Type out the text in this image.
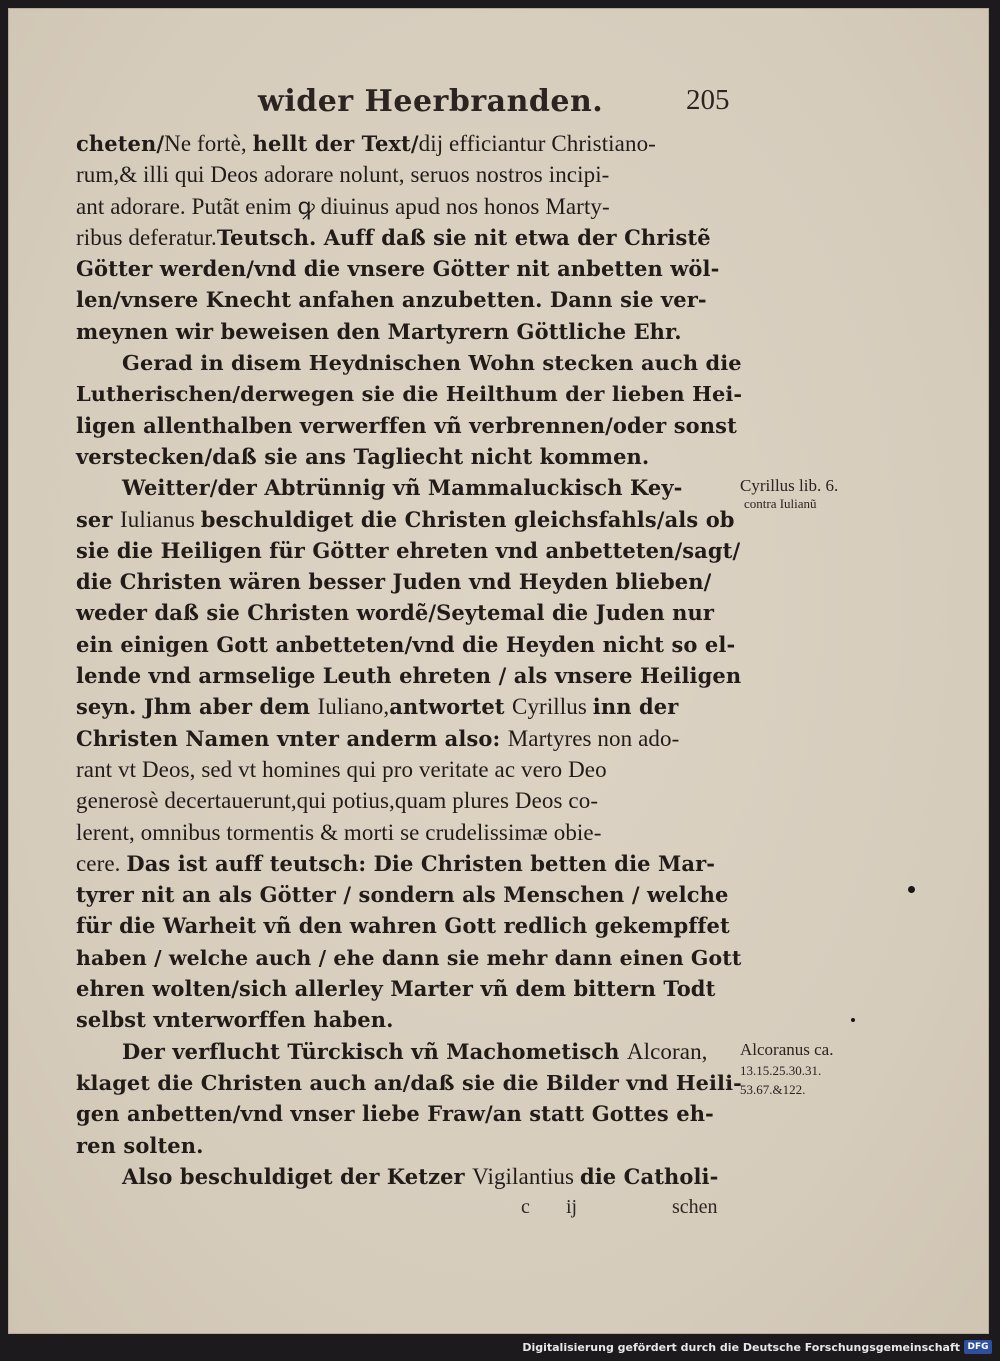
wider Heerbranden.	205
cheten/Ne fortè, hellt der Text/dij efficiantur Christiano-
rum,& illi qui Deos adorare nolunt, seruos nostros incipi-
ant adorare. Putãt enim ꝙ diuinus apud nos honos Marty-
ribus deferatur.Teutsch. Auff daß sie nit etwa der Christẽ
Götter werden/vnd die vnsere Götter nit anbetten wöl-
len/vnsere Knecht anfahen anzubetten. Dann sie ver-
meynen wir beweisen den Martyrern Göttliche Ehr.
Gerad in disem Heydnischen Wohn stecken auch die
Lutherischen/derwegen sie die Heilthum der lieben Hei-
ligen allenthalben verwerffen vñ verbrennen/oder sonst
verstecken/daß sie ans Tagliecht nicht kommen.
Weitter/der Abtrünnig vñ Mammaluckisch Key-
ser Iulianus beschuldiget die Christen gleichsfahls/als ob
sie die Heiligen für Götter ehreten vnd anbetteten/sagt/
die Christen wären besser Juden vnd Heyden blieben/
weder daß sie Christen wordẽ/Seytemal die Juden nur
ein einigen Gott anbetteten/vnd die Heyden nicht so el-
lende vnd armselige Leuth ehreten / als vnsere Heiligen
seyn. Jhm aber dem Iuliano,antwortet Cyrillus inn der
Christen Namen vnter anderm also: Martyres non ado-
rant vt Deos, sed vt homines qui pro veritate ac vero Deo
generosè decertauerunt,qui potius,quam plures Deos co-
lerent, omnibus tormentis & morti se crudelissimæ obie-
cere. Das ist auff teutsch: Die Christen betten die Mar-
tyrer nit an als Götter / sondern als Menschen / welche
für die Warheit vñ den wahren Gott redlich gekempffet
haben / welche auch / ehe dann sie mehr dann einen Gott
ehren wolten/sich allerley Marter vñ dem bittern Todt
selbst vnterworffen haben.
Der verflucht Türckisch vñ Machometisch Alcoran,
klaget die Christen auch an/daß sie die Bilder vnd Heili-
gen anbetten/vnd vnser liebe Fraw/an statt Gottes eh-
ren solten.
Also beschuldiget der Ketzer Vigilantius die Catholi-
Cyrillus lib. 6.
contra Iulianũ
Alcoranus ca.
13.15.25.30.31.
53.67.&122.
c ij	schen
Digitalisierung gefördert durch die Deutsche Forschungsgemeinschaft DFG
